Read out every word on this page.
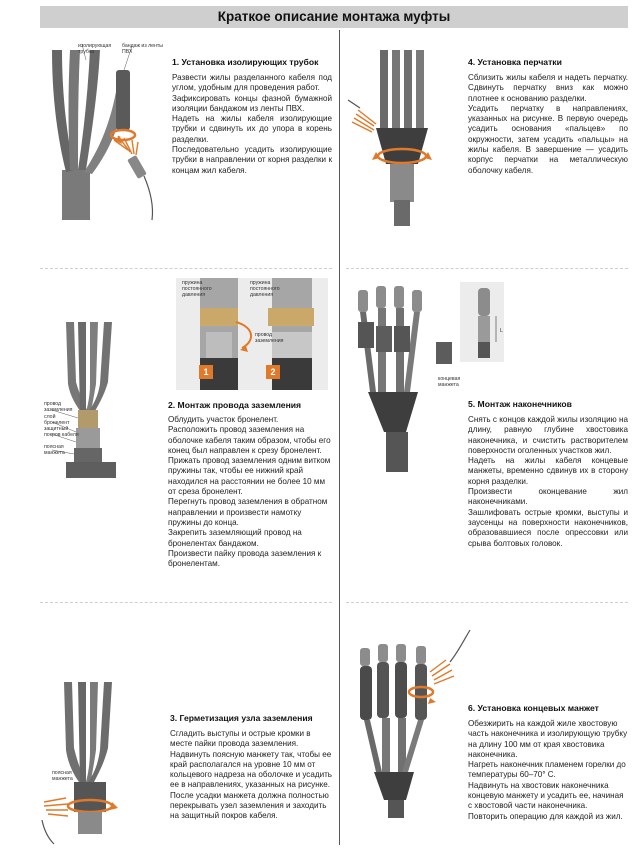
Краткое описание монтажа муфты
изолирующая трубка
бандаж из ленты ПВХ
1. Установка изолирующих трубок

Развести жилы разделанного кабеля под углом, удобным для проведения работ.

Зафиксировать концы фазной бумажной изоляции бандажом из ленты ПВХ.

Надеть на жилы кабеля изолирующие трубки и сдвинуть их до упора в корень разделки.

Последовательно усадить изолирующие трубки в направлении от корня разделки к концам жил кабеля.

провод заземления
слой бронелент
защитный покров кабеля
поясная манжета
пружина постоянного давления
пружина постоянного давления
провод заземления
1	2
2. Монтаж провода заземления

Облудить участок бронелент.

Расположить провод заземления на оболочке кабеля таким образом, чтобы его конец был направлен к срезу бронелент.

Прижать провод заземления одним витком пружины так, чтобы ее нижний край находился на расстоянии не более 10 мм от среза бронелент.

Перегнуть провод заземления в обратном направлении и произвести намотку пружины до конца.

Закрепить заземляющий провод на бронелентах бандажом.

Произвести пайку провода заземления к бронелентам.

поясная манжета
3. Герметизация узла заземления

Сгладить выступы и острые кромки в месте пайки провода заземления.

Надвинуть поясную манжету так, чтобы ее край располагался на уровне 10 мм от кольцевого надреза на оболочке и усадить ее в направлениях, указанных на рисунке.

После усадки манжета должна полностью перекрывать узел заземления и заходить на защитный покров кабеля.

4. Установка перчатки

Сблизить жилы кабеля и надеть перчатку. Сдвинуть перчатку вниз как можно плотнее к основанию разделки.

Усадить перчатку в направлениях, указанных на рисунке. В первую очередь усадить основания «пальцев» по окружности, затем усадить «пальцы» на жилы кабеля. В завершение — усадить корпус перчатки на металлическую оболочку кабеля.

концевая манжета
L
5. Монтаж наконечников

Снять с концов каждой жилы изоляцию на длину, равную глубине хвостовика наконечника, и счистить растворителем поверхности оголенных участков жил.

Надеть на жилы кабеля концевые манжеты, временно сдвинув их в сторону корня разделки.

Произвести оконцевание жил наконечниками.

Зашлифовать острые кромки, выступы и заусенцы на поверхности наконечников, образовавшиеся после опрессовки или срыва болтовых головок.

6. Установка концевых манжет

Обезжирить на каждой жиле хвостовую часть наконечника и изолирующую трубку на длину 100 мм от края хвостовика наконечника.

Нагреть наконечник пламенем горелки до температуры 60–70° С.

Надвинуть на хвостовик наконечника концевую манжету и усадить ее, начиная с хвостовой части наконечника. Повторить операцию для каждой из жил.
